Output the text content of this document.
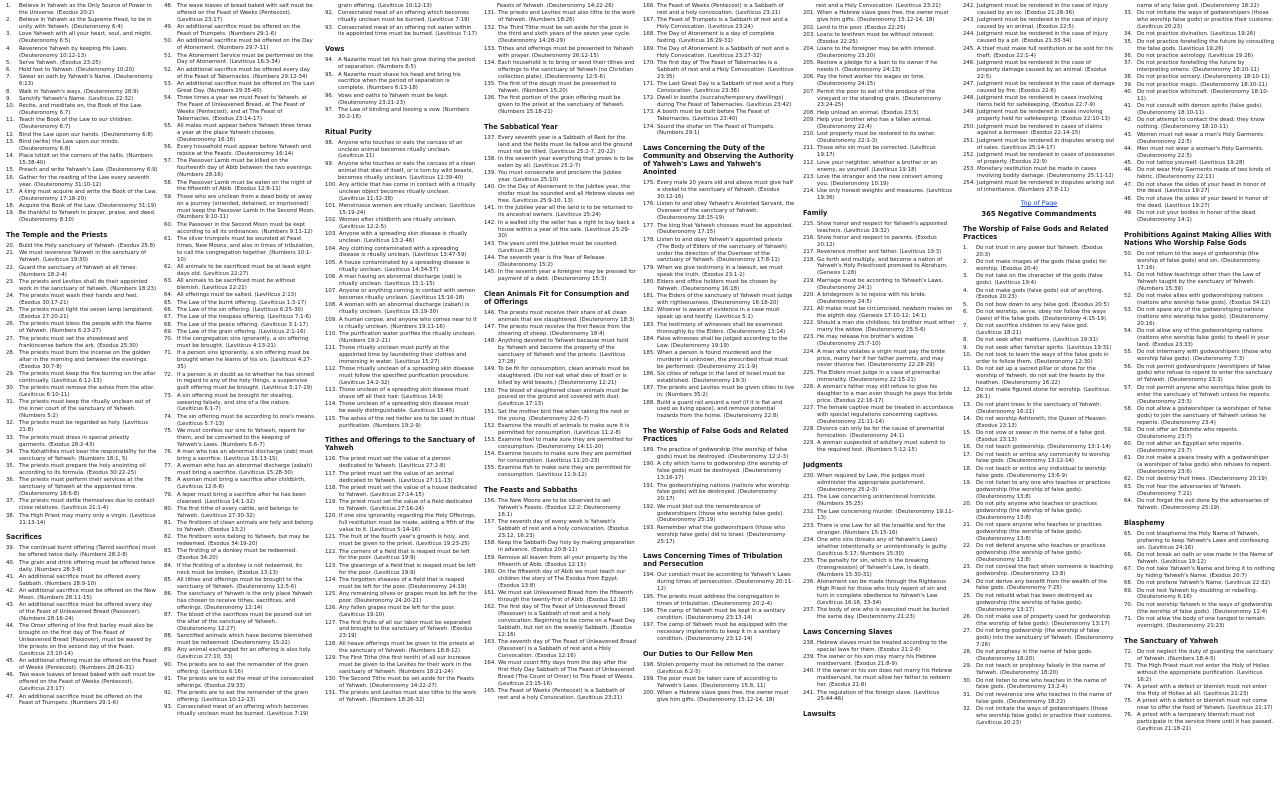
1.	Believe in Yahweh as the Only Source of Power in the Universe. (Exodus 20:2)
2.	Believe in Yahweh as the Supreme Head, to be in unity with Yahweh. (Deuteronomy 6:4)
3.	Love Yahweh with all your heart, soul, and might. (Deuteronomy 6:5)
4.	Reverence Yahweh by keeping His Laws. (Deuteronomy 10:12-13)
5.	Serve Yahweh. (Exodus 23:25)
6.	Hold fast to Yahweh. (Deuteronomy 10:20)
7.	Swear an oath by Yahweh's Name. (Deuteronomy 6:13)
8.	Walk in Yahweh's ways. (Deuteronomy 28:9)
9.	Sanctify Yahweh's Name. (Leviticus 22:32)
10. Recite, and meditate on, the Book of the Law. (Deuteronomy 6:7)
11. Teach the Book of the Law to our children. (Deuteronomy 6:7)
12. Bind the Law upon our hands. (Deuteronomy 6:8)
13. Bind (write) the Law upon our minds. (Deuteronomy 6:8)
14. Place tzitzit on the corners of the tallis. (Numbers 15:38-40)
15. Preach and write Yahweh's Law. (Deuteronomy 6:9)
16. Gather for the reading of the Law every seventh year. (Deuteronomy 31:10-12)
17. A king must acquire and write the Book of the Law. (Deuteronomy 17:18-20)
18. Acquire the Book of the Law. (Deuteronomy 31:19)
19. Be thankful to Yahweh in prayer, praise, and deed. (Deuteronomy 8:10)
The Temple and the Priests
20. Build the Holy sanctuary of Yahweh. (Exodus 25:8)
21. We must reverence Yahweh in the sanctuary of Yahweh. (Leviticus 19:30)
22. Guard the sanctuary of Yahweh at all times. (Numbers 18:2-4)
23. The priests and Levites shall do their appointed work in the sanctuary of Yahweh. (Numbers 18:23)
24. The priests must wash their hands and feet. (Exodus 30:17-21)
25. The priests must light the seven lamp lampstand. (Exodus 27:20-21)
26. The priests must bless the people with the Name of Yahweh. (Numbers 6:23-27)
27. The priests must set the showbread and frankincense before the ark. (Exodus 25:30)
28. The priests must burn the incense on the golden altar in the morning and between the evenings. (Exodus 30:7-8)
29. The priests must keep the fire burning on the altar continually. (Leviticus 6:12-13)
30. The priests must remove the ashes from the altar. (Leviticus 6:10-11)
31. The priests must keep the ritually unclean out of the inner court of the sanctuary of Yahweh. (Numbers 5:2)
32. The priests must be regarded as holy. (Leviticus 21:8)
33. The priests must dress in special priestly garments. (Exodus 28:2-43)
34. The Kohathites must bear the responsibility for the sanctuary of Yahweh. (Numbers 18:1, 5)
35. The priests must prepare the holy anointing oil according to its formula. (Exodus 30:22-25)
36. The priests must perform their services at the sanctuary of Yahweh at the appointed time. (Deuteronomy 18:6-8)
37. The priests must defile themselves due to contact close relatives. (Leviticus 21:1-4)
38. The High Priest may marry only a virgin. (Leviticus 21:13-14)
Sacrifices
39. The continual burnt offering (Tamid sacrifice) must be offered twice daily. (Numbers 28:2-8)
40. The grain and drink offering must be offered twice daily. (Numbers 28:3-8)
41. An additional sacrifice must be offered every Sabbath. (Numbers 28:9-10)
42. An additional sacrifice must be offered on the New Moon. (Numbers 28:11-15)
43. An additional sacrifice must be offered every day of the Feast of Unleavened Bread (Passover). (Numbers 28:16-24)
44. The Omer offering of the first barley must also be brought on the first day of The Feast of Unleavened Bread (Passover), must be waved by the priests on the second day of the Feast. (Leviticus 23:10-14)
45. An additional offering must be offered on the Feast of Weeks (Pentecost). (Numbers 28:26-31)
46. Two wave loaves of bread baked with salt must be offered on the Feast of Weeks (Pentecost). (Leviticus 23:17)
47. An additional sacrifice must be offered on the Feast of Trumpets. (Numbers 29:1-6)
48. The wave loaves of bread baked with salt must be offered on the Feast of Weeks (Pentecost). (Leviticus 23:17)
49. An additional sacrifice must be offered on the Feast of Trumpets. (Numbers 29:1-6)
50. An additional sacrifice must be offered on the Day of Atonement. (Numbers 29:7-11)
51. The Atonement Service must be performed on the Day of Atonement. (Leviticus 16:3-34)
52. An additional sacrifice must be offered every day of the Feast of Tabernacles. (Numbers 29:12-34)
53. An additional sacrifice must be offered on The Last Great Day. (Numbers 29:35-40)
54. Three times a year we must Feast to Yahweh: at The Feast of Unleavened Bread, at The Feast of Weeks (Pentecost), and at The Feast of Tabernacles. (Exodus 23:14-17)
55. All males must appear before Yahweh three times a year at the place Yahweh chooses. (Deuteronomy 16:16)
56. Every household must appear before Yahweh and rejoice at the Feasts. (Deuteronomy 16:14)
57. The Passover Lamb must be killed on the fourteenth day of Abib between the two evenings. (Numbers 28:16)
58. The Passover Lamb must be eaten on the night of the fifteenth of Abib. (Exodus 12:8-11)
59. Those who are unclean from a dead body or away on a journey (stranded, detained, or imprisoned) must keep the Passover Lamb in the Second Moon. (Numbers 9:10-11)
60. The Passover in the Second Moon must be kept according to all its ordinances. (Numbers 9:11-12)
61. The silver trumpets must be sounded at Feast times, New Moons, and also in times of tribulation, to call the congregation together. (Numbers 10:1-10)
62. All animals to be sacrificed must be at least eight days old. (Leviticus 22:27)
63. All animals to be sacrificed must be without blemish. (Leviticus 22:21)
64. All offerings must be salted. (Leviticus 2:13)
65. The Law of the burnt offering. (Leviticus 1:3-17)
66. The Law of the sin offering. (Leviticus 6:25-30)
67. The Law of the trespass offering. (Leviticus 7:1-6)
68. The Law of the peace offering. (Leviticus 3:1-17)
69. The Law of the grain offering. (Leviticus 2:1-16)
70. If the congregation sins ignorantly, a sin offering must be brought. (Leviticus 4:13-21)
71. If a person sins ignorantly, a sin offering must be brought when he learns of his sin. (Leviticus 4:27-35)
72. If a person is in doubt as to whether he has sinned in regard to any of the holy things, a suspensive guilt offering must be brought. (Leviticus 5:17-19)
73. A sin offering must be brought for stealing, swearing falsely, and sins of a like nature. (Leviticus 6:1-7)
74. The sin offering must be according to one's means. (Leviticus 5:7-13)
75. We must confess our sins to Yahweh, repent for them, and be converted to the keeping of Yahweh's Laws. (Numbers 5:6-7)
76. A man who has an abnormal discharge (zab) must bring a sacrifice. (Leviticus 15:13-15)
77. A woman who has an abnormal discharge (zabah) must bring a sacrifice. (Leviticus 15:28-30)
78. A woman must bring a sacrifice after childbirth. (Leviticus 12:6-8)
79. A leper must bring a sacrifice after he has been cleansed. (Leviticus 14:1-32)
80. The first tithe of every cattle, and belongs to Yahweh. (Leviticus 27:30-32)
81. The firstborn of clean animals are holy and belong to Yahweh. (Exodus 13:2)
82. The firstborn sons belong to Yahweh, but may be redeemed. (Exodus 34:19-20)
83. The firstling of a donkey must be redeemed. (Exodus 34:20)
84. If the firstling of a donkey is not redeemed, its neck must be broken. (Exodus 13:13)
85. All tithes and offerings must be brought to the sanctuary of Yahweh. (Deuteronomy 12:5-6)
86. The sanctuary of Yahweh is the only place Yahweh has chosen to receive tithes, sacrifices, and offerings. (Deuteronomy 12:14)
87. The blood of the sacrifices must be poured out on the altar of the sanctuary of Yahweh. (Deuteronomy 12:27)
88. Sanctified animals which have become blemished must be redeemed. (Deuteronomy 15:22)
89. Any animal exchanged for an offering is also holy. (Leviticus 27:10, 33)
90. The priests are to eat the remainder of the grain offering. (Leviticus 6:16)
91. The priests are to eat the meat of the consecrated offerings. (Exodus 29:33)
92. The priests are to eat the remainder of the grain offering. (Leviticus 10:12-13)
93. Consecrated meat of an offering which becomes ritually unclean must be burned. (Leviticus 7:19)
grain offering. (Leviticus 10:12-13)
92. Consecrated meat of an offering which becomes ritually unclean must be burned. (Leviticus 7:19)
93. Consecrated meat of an offering not eaten within its appointed time must be burned. (Leviticus 7:17)
Vows
94. A Nazarite must let his hair grow during the period of separation. (Numbers 6:5)
95. A Nazarite must shave his head and bring his sacrifice when the period of separation is complete. (Numbers 6:13-18)
96. Vows and oaths to Yahweh must be kept. (Deuteronomy 23:21-23)
97. The Law of binding and loosing a vow. (Numbers 30:2-16)
Ritual Purity
98. Anyone who touches or eats the carcass of an unclean animal becomes ritually unclean. (Leviticus 11)
99. Anyone who touches or eats the carcass of a clean animal that dies of itself, or is torn by wild beasts, becomes ritually unclean. (Leviticus 11:39-40)
100. Any article that has come in contact with a ritually unclean object becomes ritually unclean. (Leviticus 11:32-38)
101. Menstruous women are ritually unclean. (Leviticus 15:19-24)
102. Women after childbirth are ritually unclean. (Leviticus 12:2-5)
103. Anyone with a spreading skin disease is ritually unclean. (Leviticus 13:2-46)
104. Any clothing contaminated with a spreading disease is ritually unclean. (Leviticus 13:47-59)
105. A house contaminated by a spreading disease is ritually unclean. (Leviticus 14:34-57)
106. A man having an abnormal discharge (zab) is ritually unclean. (Leviticus 15:1-15)
107. Anyone or anything coming in contact with semen becomes ritually unclean. (Leviticus 15:16-18)
108. A woman with an abnormal discharge (zabah) is ritually unclean. (Leviticus 15:19-30)
109. A human corpse, and anyone who comes near to it is ritually unclean. (Numbers 19:11-16)
110. The purification water purifies the ritually unclean. (Numbers 19:2-21)
111. Those ritually unclean must purify at the appointed time by laundering their clothes and immersing in water. (Leviticus 15:27)
112. Those ritually unclean of a spreading skin disease must follow the specified purification procedure. (Leviticus 14:2-32)
113. Those unclean of a spreading skin disease must shave off all their hair. (Leviticus 14:9)
114. Those unclean of a spreading skin disease must be easily distinguishable. (Leviticus 13:45)
115. The ashes of the red heifer are to be used in ritual purification. (Numbers 19:2-9)
Tithes and Offerings to the Sanctuary of Yahweh
116. The priest must set the value of a person dedicated to Yahweh. (Leviticus 27:2-8)
117. The priest must set the value of an animal dedicated to Yahweh. (Leviticus 27:11-13)
118. The priest must set the value of a house dedicated to Yahweh. (Leviticus 27:14-15)
119. The priest must set the value of a field dedicated to Yahweh. (Leviticus 27:16-24)
120. If one sins ignorantly regarding the Holy Offerings, full restitution must be made, adding a fifth of the value to it. (Leviticus 5:14-16)
121. The fruit of the fourth year's growth is holy, and must be given to the priest. (Leviticus 19:23-25)
122. The corners of a field that is reaped must be left for the poor. (Leviticus 19:9)
123. The gleanings of a field that is reaped must be left for the poor. (Leviticus 19:9)
124. The forgotten sheaves of a field that is reaped must be left for the poor. (Deuteronomy 24:19)
125. Any remaining olives or grapes must be left for the poor. (Deuteronomy 24:20-21)
126. Any fallen grapes must be left for the poor. (Leviticus 19:10)
127. The first fruits of all our labor must be separated and brought to the sanctuary of Yahweh. (Exodus 23:19)
128. All heave offerings must be given to the priests at the sanctuary of Yahweh. (Numbers 18:8-12)
129. The First Tithe (the first tenth) of all our increase must be given to the Levites for their work in the sanctuary of Yahweh. (Numbers 18:21-24)
130. The Second Tithe must be set aside for the Feasts of Yahweh. (Deuteronomy 14:22-27)
131. The priests and Levites must also tithe to the work of Yahweh. (Numbers 18:26-32)
Feasts of Yahweh. (Deuteronomy 14:22-26)
131. The priests and Levites must also tithe to the work of Yahweh. (Numbers 18:26)
132. The Third Tithe must be set aside for the poor in the third and sixth years of the seven year cycle. (Deuteronomy 14:28-29)
133. Tithes and offerings must be presented to Yahweh with prayer. (Deuteronomy 26:12-15)
134. Each household is to bring or send their tithes and offerings to the sanctuary of Yahweh (no Christian collection plate). (Deuteronomy 12:5-6)
135. The first of the dough must be presented to Yahweh. (Numbers 15:20)
136. The first portion of the grain offering must be given to the priest at the sanctuary of Yahweh. (Numbers 15:18-21)
The Sabbatical Year
137. Every seventh year is a Sabbath of Rest for the land and the fields must lie fallow and the ground must not be tilled. (Leviticus 25:2-7, 20-22)
138. In the seventh year everything that grows is to be eaten by all. (Leviticus 25:2-7)
139. You must consecrate and proclaim the Jubilee year. (Leviticus 25:10)
140. On the Day of Atonement in the Jubilee year, the shofar must be sounded and all Hebrew slaves set free. (Leviticus 25:9-10, 13)
141. In the Jubilee year all the land is to be returned to its ancestral owners. (Leviticus 25:24)
142. In a walled city the seller has a right to buy back a house within a year of the sale. (Leviticus 25:29-30)
143. The years until the Jubilee must be counted. (Leviticus 25:8)
144. The seventh year is the Year of Release. (Deuteronomy 15:2)
145. In the seventh year a foreigner may be pressed for payment of a debt. (Deuteronomy 15:3)
Clean Animals Fit for Consumption and of Offerings
146. The priests must receive their share of all clean animals that are slaughtered. (Deuteronomy 18:3)
147. The priests must receive the first fleece from the shearing of sheep. (Deuteronomy 18:4)
148. Anything devoted to Yahweh because must hold by Yahweh and become the property of the sanctuary of Yahweh and the priests. (Leviticus 27:28)
149. To be fit for consumption, clean animals must be slaughtered. (Do not eat what dies of itself or is killed by wild beasts.) (Deuteronomy 12:21)
150. The blood of slaughtered clean animals must be poured on the ground and covered with dust. (Leviticus 17:13)
151. Set the mother bird free when taking the nest or the young. (Deuteronomy 22:6-7)
152. Examine the mouth of animals to make sure it is permitted for consumption. (Leviticus 11:2-8)
153. Examine fowl to make sure they are permitted for consumption. (Deuteronomy 14:11-20)
154. Examine locusts to make sure they are permitted for consumption. (Leviticus 11:20-23)
155. Examine fish to make sure they are permitted for consumption. (Leviticus 11:9-12)
The Feasts and Sabbaths
156. The New Moons are to be observed to set Yahweh's Feasts. (Exodus 12:2; Deuteronomy 16:1)
157. The seventh day of every week is Yahweh's Sabbath of rest and a holy convocation. (Exodus 23:12, 16:23)
158. Keep the Sabbath Day holy by making preparation in advance. (Exodus 20:8-11)
159. Remove all leaven from all your property by the fifteenth of Abib. (Exodus 12:15)
160. On the fifteenth day of Abib we must teach our children the story of The Exodus from Egypt. (Exodus 13:8)
161. We must eat Unleavened Bread from the fifteenth through the twenty-first of Abib. (Exodus 12:18)
162. The first day of The Feast of Unleavened Bread (Passover) is a Sabbath of rest and a holy convocation. Beginning to be come on a Feast Day Sabbath, but not on the weekly Sabbath. (Exodus 12:16)
163. The seventh day of The Feast of Unleavened Bread (Passover) is a Sabbath of rest and a Holy Convocation. (Exodus 12:16)
164. We must count fifty days from the day after the first Holy Day Sabbath of The Feast of Unleavened Bread (The Count of Omer) to The Feast of Weeks. (Leviticus 23:15-16)
165. The Feast of Weeks (Pentecost) is a Sabbath of rest and a holy Convocation. (Leviticus 23:21)
166. The Feast of Weeks (Pentecost) is a Sabbath of rest and a holy convocation. (Leviticus 23:21)
167. The Feast of Trumpets is a Sabbath of rest and a Holy Convocation. (Leviticus 23:24)
168. The Day of Atonement is a day of complete fasting. (Leviticus 16:29-31)
169. The Day of Atonement is a Sabbath of rest and a Holy Convocation. (Leviticus 23:27-32)
170. The first day of The Feast of Tabernacles is a Sabbath of rest and a Holy Convocation. (Leviticus 23:35)
171. The Last Great Day is a Sabbath of rest and a Holy Convocation. (Leviticus 23:36)
172. Dwell in booths (succahs/temporary dwellings) during The Feast of Tabernacles. (Leviticus 23:42)
173. A booth must be built before The Feast of Tabernacles. (Leviticus 23:40)
174. Sound the shofar on The Feast of Trumpets. (Numbers 29:1)
Laws Concerning the Duty of the Community and Observing the Authority of Yahweh's Laws and Yahweh's Anointed
175. Every male 20 years old and above must give half a shekel to the sanctuary of Yahweh. (Exodus 30:12-16)
176. Listen to and obey Yahweh's Anointed Servant, the Overseer of the sanctuary of Yahweh. (Deuteronomy 18:15-19)
177. The king that Yahweh chooses must be appointed. (Deuteronomy 17:15)
178. Listen to and obey Yahweh's appointed priests (The Body of Elders of the sanctuary of Yahweh) under the direction of the Overseer of the sanctuary of Yahweh. (Deuteronomy 17:8-11)
179. When we give testimony in a lawsuit, we must speak the truth. (Exodus 23:1-2)
180. Elders and office holders must be chosen by Yahweh. (Deuteronomy 16:18)
181. The Elders of the sanctuary of Yahweh must judge with righteousness. (Deuteronomy 16:18-20)
182. Whoever is aware of evidence in a case must speak up and testify. (Leviticus 5:1)
183. The testimony of witnesses shall be examined thoroughly by the Elders. (Deuteronomy 13:14)
184. False witnesses shall be judged according to the Law. (Deuteronomy 19:19)
185. When a person is found murdered and the murderer is unknown, the prescribed ritual must be performed. (Deuteronomy 21:1-9)
186. Six cities of refuge in the land of Israel must be established. (Deuteronomy 19:3)
187. The priests and Levites must be given cities to live in. (Numbers 35:2)
188. Build a guard rail around a roof (if it is flat and used as living space), and remove potential hazards from the home. (Deuteronomy 22:8)
The Worship of False Gods and Related Practices
189. The practice of godworship (the worship of false gods) must be destroyed. (Deuteronomy 12:2-3)
190. A city which turns to godworship (the worship of false gods) must be destroyed. (Deuteronomy 13:16-17)
191. The godworshiping nations (nations who worship false gods) will be destroyed. (Deuteronomy 20:17)
192. We must blot out the remembrance of godworshipers (those who worship false gods). (Deuteronomy 25:19)
193. Remember what the godworshipers (those who worship false gods) did to Israel. (Deuteronomy 25:17)
Laws Concerning Times of Tribulation and Persecution
194. Our conduct must be according to Yahweh's Laws during times of persecution. (Deuteronomy 20:11-12)
195. The priests must address the congregation in times of tribulation. (Deuteronomy 20:2-4)
196. The camp of Yahweh must be kept in a sanitary condition. (Deuteronomy 23:13-14)
197. The camp of Yahweh must be equipped with the necessary implements to keep it in a sanitary condition. (Deuteronomy 23:12-14)
Our Duties to Our Fellow Men
198. Stolen property must be returned to the owner. (Leviticus 6:2-5)
199. The poor must be taken care of according to Yahweh's Laws. (Deuteronomy 15:8, 11)
200. When a Hebrew slave goes free, the owner must give him gifts. (Deuteronomy 15:12-14, 18)
rest and a Holy Convocation. (Leviticus 23:21)
201. When a Hebrew slave goes free, the owner must give him gifts. (Deuteronomy 15:12-14, 18)
202. Lend to the poor. (Exodus 22:25)
203. Loans to brethren must be without interest. (Exodus 22:25)
204. Loans to the foreigner may be with interest. (Deuteronomy 23:20)
205. Restore a pledge for a loan to its owner if he needs it. (Deuteronomy 24:13)
206. Pay the hired worker his wages on time. (Deuteronomy 24:15)
207. Permit the poor to eat of the produce of the vineyard or the standing grain. (Deuteronomy 23:24-25)
208. Help unload an animal. (Exodus 23:5)
209. Help your brother who has a fallen animal. (Deuteronomy 22:4)
210. Lost property must be restored to its owner. (Deuteronomy 22:1-3)
211. Those who sin must be corrected. (Leviticus 19:17)
212. Love your neighbor, whether a brother or an enemy, as yourself. (Leviticus 19:18)
213. Love the stranger and the new convert among you. (Deuteronomy 10:19)
214. Use only honest weights and measures. (Leviticus 19:36)
Family
215. Show honor and respect for Yahweh's appointed teachers. (Leviticus 19:32)
216. Show honor and respect to parents. (Exodus 20:12)
217. Reverence mother and father. (Leviticus 19:3)
218. Go forth and multiply, and become a nation of Yahweh's Holy Priesthood promised to Abraham. (Genesis 1:28)
219. Marriage must be according to Yahweh's Laws. (Deuteronomy 24:1)
220. A bridegroom is to rejoice with his bride. (Deuteronomy 24:5)
221. All males must be circumcised, newborn males on the eighth day. (Genesis 17:10-12; 14:1)
222. Should a man die childless, his brother must either marry the widow. (Deuteronomy 25:5-6)
223. He may release his brother's widow. (Deuteronomy 25:7-10)
224. A man who violates a virgin must pay the bride price, marry her if her father permits, and may never divorce her. (Deuteronomy 22:28-29)
225. The Elders must judge in a case of premarital immorality. (Deuteronomy 22:15-21)
226. A woman's father may still refuse to give his daughter to a man even though he pays the bride price. (Exodus 22:16-17)
227. The female captive must be treated in accordance with special regulations concerning captives. (Deuteronomy 21:11-14)
228. Divorce can only be for the cause of premarital fornication. (Deuteronomy 24:1)
229. A woman suspected of adultery must submit to the required test. (Numbers 5:12-15)
Judgments
230. When required by Law, the judges must administer the appropriate punishment. (Deuteronomy 25:2-3)
231. The Law concerning unintentional homicide. (Numbers 35:25)
232. The Law concerning murder. (Deuteronomy 19:11-13)
233. There is one Law for all the Israelite and for the stranger. (Numbers 15:15-16)
234. One who sins (breaks any of Yahweh's Laws) whether intentionally or unintentionally is guilty. (Leviticus 5:17; Numbers 15:30)
235. The penalty for sin, which is the breaking (transgression) of Yahweh's Law, is death. (Numbers 15:30-31)
236. Atonement can be made through the Righteous High Priest for those who truly repent of sin and turn in complete obedience to Yahweh's Law. (Leviticus 16:16, 33-34)
237. The body of one who is executed must be buried the same day. (Deuteronomy 21:23)
Laws Concerning Slaves
238. Hebrew slaves must be treated according to the special laws for them. (Exodus 21:2-6)
239. The owner or his son may marry his Hebrew maidservant. (Exodus 21:8-9)
240. If the owner or his son does not marry his Hebrew maidservant, he must allow her father to redeem her. (Exodus 21:8)
241. The regulation of the foreign slave. (Leviticus 25:44-46)
Lawsuits
242. Judgment must be rendered in the case of injury caused by an ox. (Exodus 21:28-36)
243. Judgment must be rendered in the case of injury caused by an animal. (Exodus 22:5)
244. Judgment must be rendered in the case of injury caused by a pit. (Exodus 21:33-34)
245. A thief must make full restitution or be sold for his theft. (Exodus 22:1-4)
246. Judgment must be rendered in the case of property damage caused by an animal. (Exodus 22:5)
247. Judgment must be rendered in the case of damage caused by fire. (Exodus 22:6)
248. Judgment must be rendered in cases involving items held for safekeeping. (Exodus 22:7-9)
249. Judgment must be rendered in cases involving property held for safekeeping. (Exodus 22:10-13)
250. Judgment must be rendered in cases of claims against a borrower. (Exodus 22:14-15)
251. Judgment must be rendered in disputes arising out of sales. (Leviticus 25:14-17)
252. Judgment must be rendered in cases of possession of property. (Exodus 22:9)
253. Monetary restitution must be made in cases involving bodily damage. (Deuteronomy 25:11-12)
254. Judgment must be rendered in disputes arising out of inheritance. (Numbers 27:8-11)
Top of Page
365 Negative Commandments
The Worship of False Gods and Related Practices
1.	Do not trust in any power but Yahweh. (Exodus 20:3)
2.	Do not make images of the gods (false gods) for worship. (Exodus 20:4)
3.	Do not take on the character of the gods (false gods). (Leviticus 19:4)
4.	Do not make gods (false gods) out of anything. (Exodus 20:23)
5.	Do not bow down to any false god. (Exodus 20:5)
6.	Do not worship, serve, obey nor follow the ways (laws) of the false gods. (Deuteronomy 4:15-19)
7.	Do not sacrifice children to any false god. (Leviticus 18:21)
8.	Do not seek after mediums. (Leviticus 19:31)
9.	Do not seek after familiar spirits. (Leviticus 19:31)
10. Do not look to learn the ways of the false gods in order to follow them. (Deuteronomy 12:30)
11. Do not set up a sacred pillar or stone for the worship of Yahweh, do not eat the feasts by the heathen. (Deuteronomy 16:22)
12. Do not make figured stone for worship. (Leviticus 26:1)
13. Do not plant trees in the sanctuary of Yahweh. (Deuteronomy 16:21)
14. Do not worship Ashtoreth, the Queen of Heaven. (Exodus 23:13)
15. Do not vow or swear in the name of a false god. (Exodus 23:13)
16. Do not teach godworship. (Deuteronomy 13:1-14)
17. Do not teach or entice any community to worship false gods. (Deuteronomy 13:12-14)
18. Do not teach or entice any individual to worship false gods. (Deuteronomy 13:6-9)
19. Do not listen to any one who teaches or practices godworship (the worship of false gods). (Deuteronomy 13:8)
20. Do not pity anyone who teaches or practices godworship (the worship of false gods). (Deuteronomy 13:8)
21. Do not spare anyone who teaches or practices godworship (the worship of false gods). (Deuteronomy 13:8)
22. Do not defend anyone who teaches or practices godworship (the worship of false gods). (Deuteronomy 13:8)
23. Do not conceal the fact when someone is teaching godworship. (Deuteronomy 13:8)
24. Do not derive any benefit from the wealth of the false gods. (Deuteronomy 7:25)
25. Do not rebuild what has been destroyed as godworship (the worship of false gods). (Deuteronomy 13:17)
26. Do not make use of property used for godworship (the worship of false gods). (Deuteronomy 13:17)
27. Do not bring godworship (the worship of false gods) into the sanctuary of Yahweh. (Deuteronomy 7:26)
28. Do not prophesy in the name of false gods. (Deuteronomy 18:20)
29. Do not teach or prophesy falsely in the name of Yahweh. (Deuteronomy 18:20)
30. Do not listen to one who teaches in the name of false gods. (Deuteronomy 13:2-4)
31. Do not reverence one who teaches in the name of false gods. (Deuteronomy 18:22)
32. Do not imitate the ways of godworshipers (those who worship false gods) or practice their customs. (Leviticus 20:23)
name of any false god. (Deuteronomy 18:22)
33. Do not imitate the ways of godworshipers (those who worship false gods) or practice their customs. (Leviticus 20:23)
34. Do not practice divination. (Leviticus 19:26)
35. Do not practice foretelling the future by consulting the false gods. (Leviticus 19:26)
36. Do not practice astrology. (Leviticus 19:26)
37. Do not practice foretelling the future by interpreting omens. (Deuteronomy 18:10-11)
38. Do not practice sorcery. (Deuteronomy 18:10-11)
39. Do not practice magic. (Deuteronomy 18:10-11)
40. Do not practice witchcraft. (Deuteronomy 18:10-11)
41. Do not consult with demon spirits (false gods). (Deuteronomy 18:10-11)
42. Do not attempt to contact the dead; they know nothing. (Deuteronomy 18:10-11)
43. Women must not wear a man's Holy Garments. (Deuteronomy 22:5)
44. Men must not wear a woman's Holy Garments. (Deuteronomy 22:5)
45. Do not tattoo yourself. (Leviticus 19:28)
46. Do not wear Holy Garments made of two kinds of fabric. (Deuteronomy 22:11)
47. Do not shave the sides of your head in honor of the dead. (Leviticus 19:27)
48. Do not shave the sides of your beard in honor of the dead. (Leviticus 19:27)
49. Do not cut your bodies in honor of the dead. (Deuteronomy 14:1)
Prohibitions Against Making Allies With Nations Who Worship False Gods
50. Do not return to the ways of godworship (the worship of false gods) and sin. (Deuteronomy 17:16)
51. Do not follow teachings other than the Law of Yahweh taught by the sanctuary of Yahweh. (Numbers 15:39)
52. Do not make allies with godworshiping nations (nations who worship false gods). (Exodus 34:12)
53. Do not spare any of the godworshiping nations (nations who worship false gods). (Deuteronomy 20:16)
54. Do not allow any of the godworshiping nations (nations who worship false gods) to dwell in your land. (Exodus 23:33)
55. Do not intermarry with godworshipers (those who worship false gods). (Deuteronomy 7:3)
56. Do not permit godworshipers (worshipers of false gods) who refuse to repent to enter the sanctuary of Yahweh. (Deuteronomy 23:3)
57. Do not permit anyone who worships false gods to enter the sanctuary of Yahweh unless he repents. (Deuteronomy 23:3)
58. Do not allow a godworshiper (a worshiper of false gods) to join the sanctuary of Yahweh unless he repents. (Deuteronomy 23:4)
59. Do not offer an Edomite who repents. (Deuteronomy 23:7)
60. Do not abhor an Egyptian who repents. (Deuteronomy 23:7)
61. Do not make a peace treaty with a godworshiper (a worshiper of false gods) who refuses to repent. (Deuteronomy 23:6)
62. Do not destroy fruit trees. (Deuteronomy 20:19)
63. Do not fear the adversaries of Yahweh. (Deuteronomy 7:21)
64. Do not forget the evil done by the adversaries of Yahweh. (Deuteronomy 25:19)
Blasphemy
65. Do not blaspheme the Holy Name of Yahweh, profaning to keep Yahweh's Laws and confessing sin. (Leviticus 24:16)
66. Do not break an oath or vow made in the Name of Yahweh. (Leviticus 19:12)
67. Do not take Yahweh's Name and bring it to nothing by hiding Yahweh's Name. (Exodus 20:7)
68. Do not profane Yahweh's Name. (Leviticus 22:32)
69. Do not test Yahweh by doubting or rebelling. (Deuteronomy 6:16)
70. Do not worship Yahweh in the ways of godworship (the worship of false gods). (Deuteronomy 12:4)
71. Do not allow the body of one hanged to remain overnight. (Deuteronomy 21:23)
The Sanctuary of Yahweh
72. Do not neglect the duty of guarding the sanctuary of Yahweh. (Numbers 18:4-5)
73. The High Priest must not enter the Holy of Holies without the appropriate purification. (Leviticus 16:2)
74. A priest with a defect or blemish must not enter the Holy of Holies at all. (Leviticus 21:23)
75. A priest with a defect or blemish must not come near to offer the food of Yahweh. (Leviticus 21:17)
76. A priest with a temporary blemish must not participate in the service there until it has passed. (Leviticus 21:18-21)
